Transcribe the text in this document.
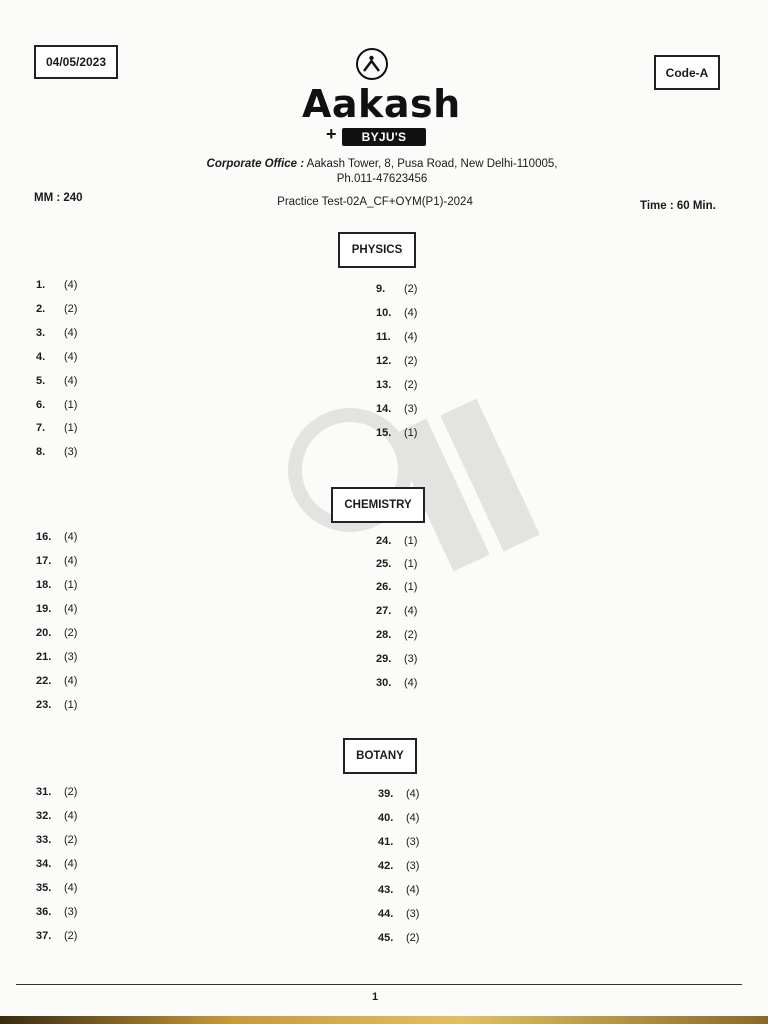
04/05/2023
Code-A
Aakash
+	BYJU'S
Corporate Office : Aakash Tower, 8, Pusa Road, New Delhi-110005,
Ph.011-47623456
MM : 240	Practice Test-02A_CF+OYM(P1)-2024	Time : 60 Min.
PHYSICS
1. (4)
2. (2)
3. (4)
4. (4)
5. (4)
6. (1)
7. (1)
8. (3)
9. (2)
10. (4)
11. (4)
12. (2)
13. (2)
14. (3)
15. (1)
CHEMISTRY
16. (4)
17. (4)
18. (1)
19. (4)
20. (2)
21. (3)
22. (4)
23. (1)
24. (1)
25. (1)
26. (1)
27. (4)
28. (2)
29. (3)
30. (4)
BOTANY
31. (2)
32. (4)
33. (2)
34. (4)
35. (4)
36. (3)
37. (2)
39. (4)
40. (4)
41. (3)
42. (3)
43. (4)
44. (3)
45. (2)
1
